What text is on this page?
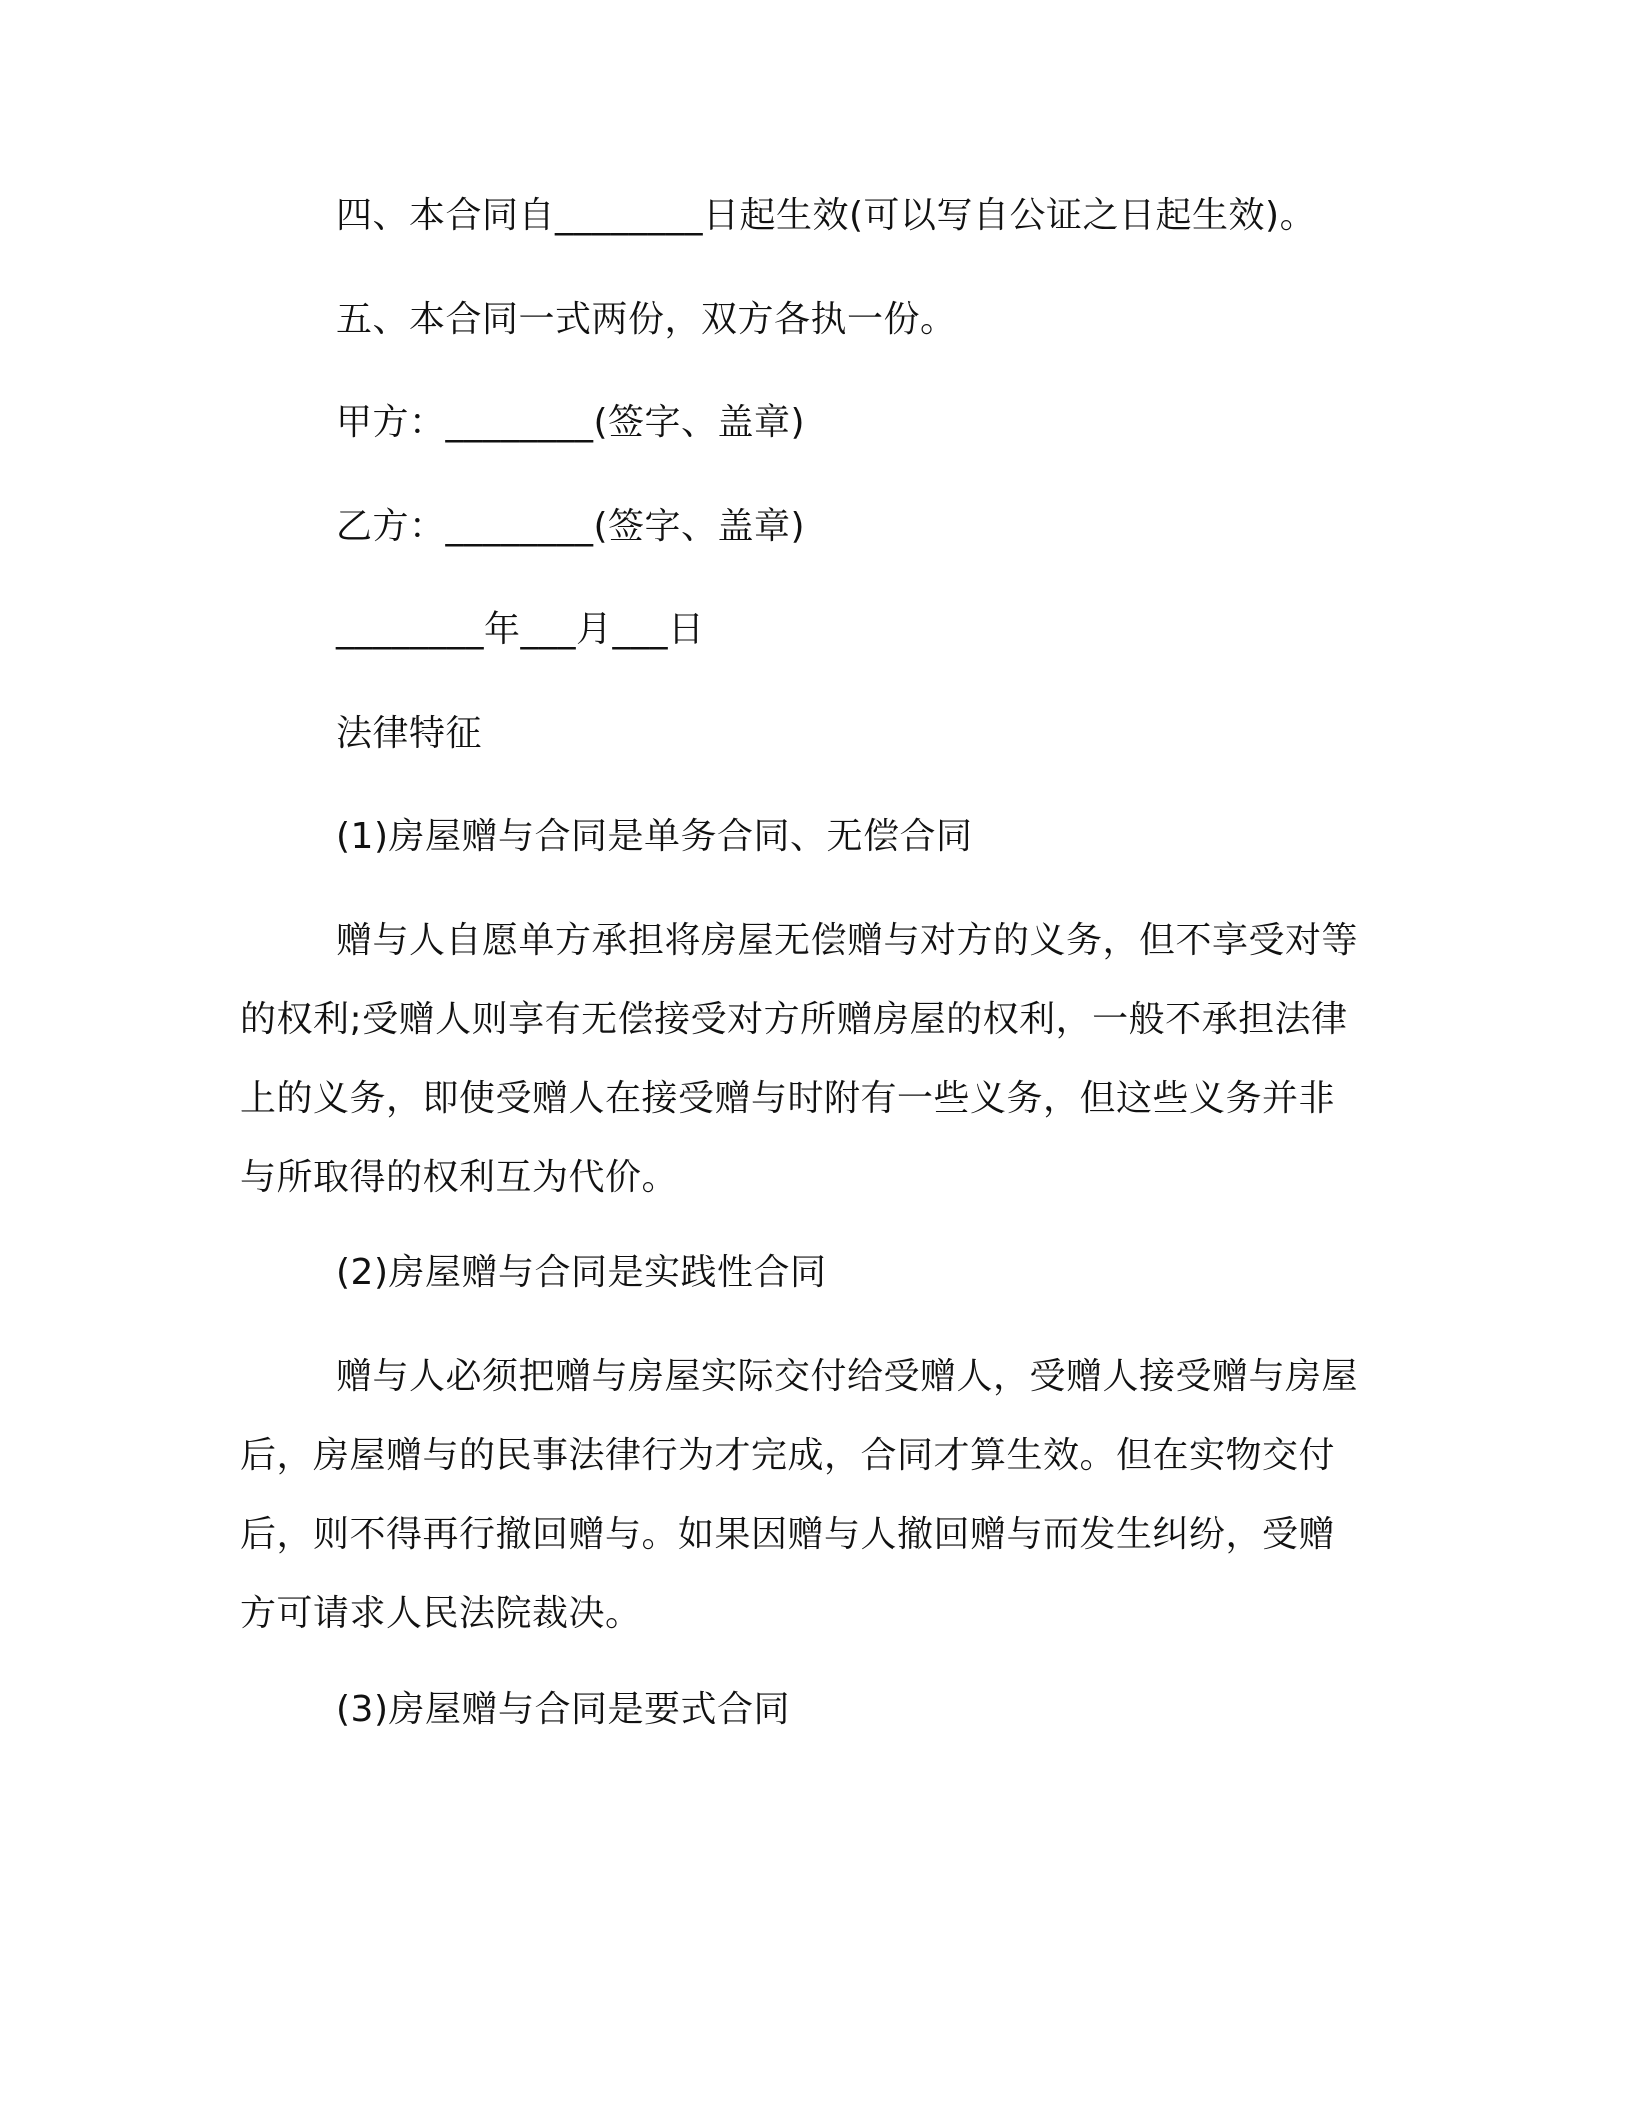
四、本合同自________日起生效(可以写自公证之日起生效)。
五、本合同一式两份，双方各执一份。
甲方：________(签字、盖章)
乙方：________(签字、盖章)
________年___月___日
法律特征
(1)房屋赠与合同是单务合同、无偿合同
赠与人自愿单方承担将房屋无偿赠与对方的义务，但不享受对等
的权利;受赠人则享有无偿接受对方所赠房屋的权利，一般不承担法律
上的义务，即使受赠人在接受赠与时附有一些义务，但这些义务并非
与所取得的权利互为代价。
(2)房屋赠与合同是实践性合同
赠与人必须把赠与房屋实际交付给受赠人，受赠人接受赠与房屋
后，房屋赠与的民事法律行为才完成，合同才算生效。但在实物交付
后，则不得再行撤回赠与。如果因赠与人撤回赠与而发生纠纷，受赠
方可请求人民法院裁决。
(3)房屋赠与合同是要式合同
